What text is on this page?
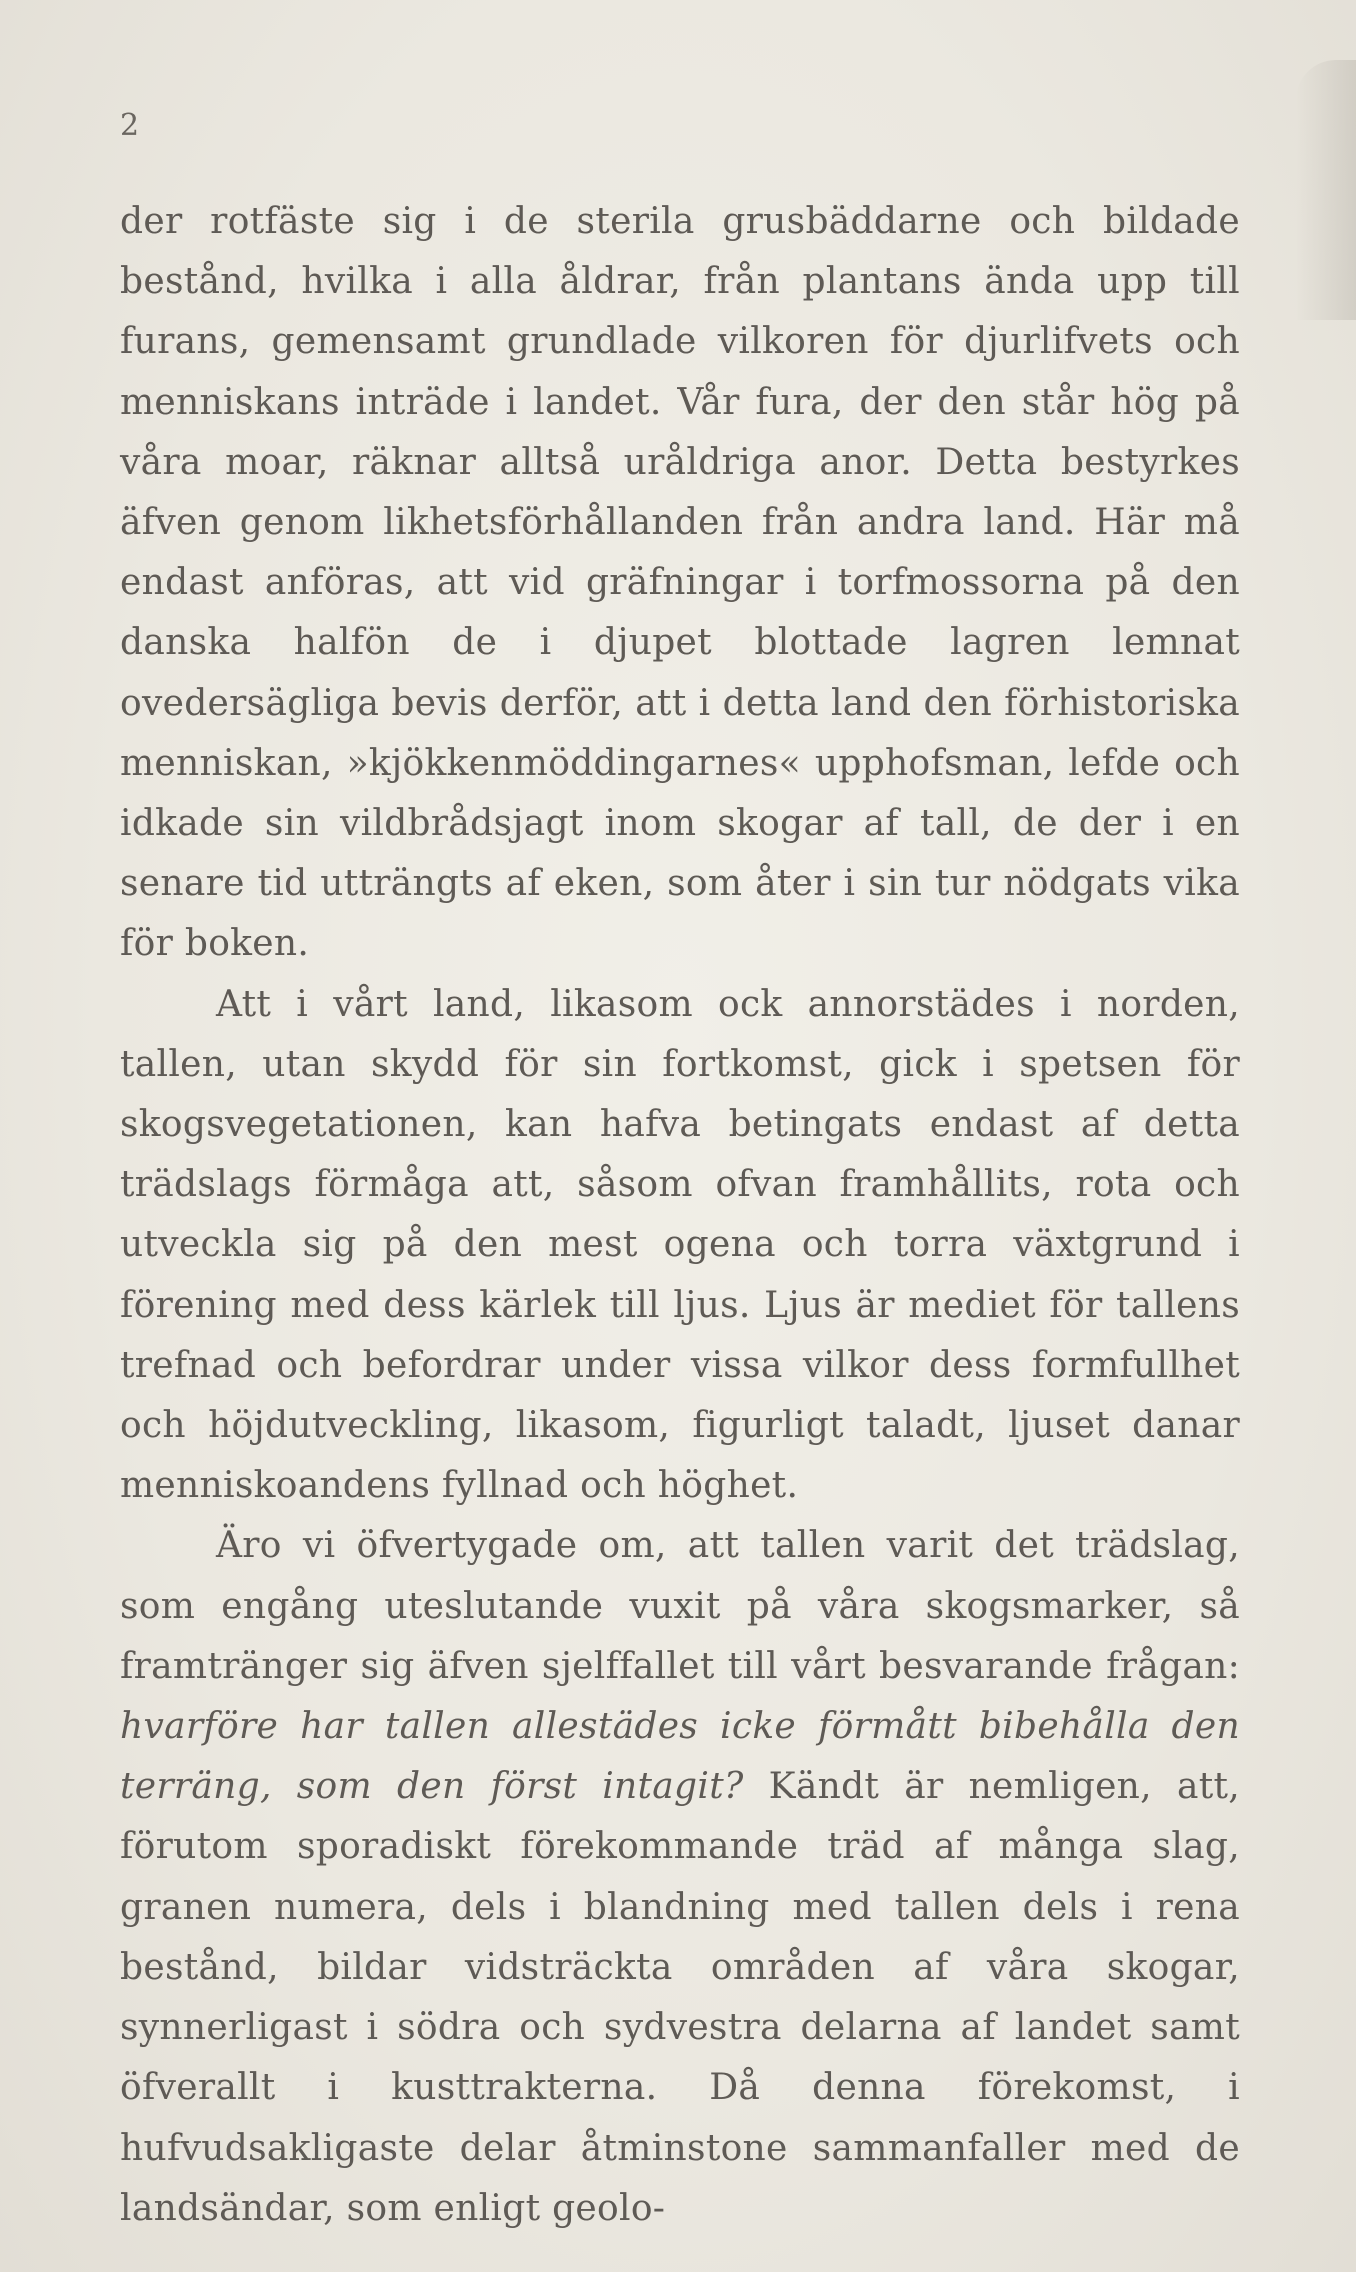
2

der rotfäste sig i de sterila grusbäddarne och bildade bestånd, hvilka i alla åldrar, från plantans ända upp till furans, gemensamt grundlade vilkoren för djurlifvets och menniskans inträde i landet. Vår fura, der den står hög på våra moar, räknar alltså uråldriga anor. Detta bestyrkes äfven genom likhetsförhållanden från andra land. Här må endast anföras, att vid gräfningar i torfmossorna på den danska halfön de i djupet blottade lagren lemnat ovedersägliga bevis derför, att i detta land den förhistoriska menniskan, »kjökkenmöddingarnes« upphofsman, lefde och idkade sin vildbrådsjagt inom skogar af tall, de der i en senare tid utträngts af eken, som åter i sin tur nödgats vika för boken.

Att i vårt land, likasom ock annorstädes i norden, tallen, utan skydd för sin fortkomst, gick i spetsen för skogsvegetationen, kan hafva betingats endast af detta trädslags förmåga att, såsom ofvan framhållits, rota och utveckla sig på den mest ogena och torra växtgrund i förening med dess kärlek till ljus. Ljus är mediet för tallens trefnad och befordrar under vissa vilkor dess formfullhet och höjdutveckling, likasom, figurligt taladt, ljuset danar menniskoandens fyllnad och höghet.

Äro vi öfvertygade om, att tallen varit det trädslag, som engång uteslutande vuxit på våra skogsmarker, så framtränger sig äfven sjelffallet till vårt besvarande frågan: hvarföre har tallen allestädes icke förmått bibehålla den terräng, som den först intagit? Kändt är nemligen, att, förutom sporadiskt förekommande träd af många slag, granen numera, dels i blandning med tallen dels i rena bestånd, bildar vidsträckta områden af våra skogar, synnerligast i södra och sydvestra delarna af landet samt öfverallt i kusttrakterna. Då denna förekomst, i hufvudsakligaste delar åtminstone sammanfaller med de landsändar, som enligt geolo-
